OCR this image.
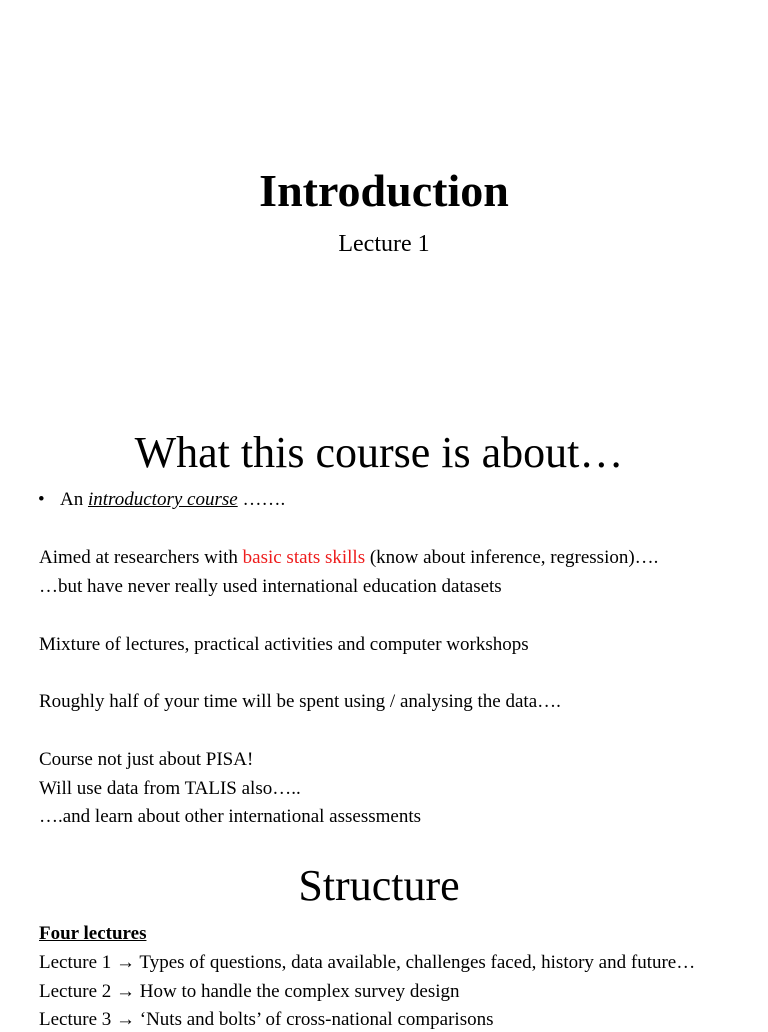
Introduction
Lecture 1
What this course is about…
• An introductory course …….
Aimed at researchers with basic stats skills (know about inference, regression)….
…but have never really used international education datasets
Mixture of lectures, practical activities and computer workshops
Roughly half of your time will be spent using / analysing the data….
Course not just about PISA!
Will use data from TALIS also…..
….and learn about other international assessments
Structure
Four lectures
Lecture 1 → Types of questions, data available, challenges faced, history and future…
Lecture 2 → How to handle the complex survey design
Lecture 3 → ‘Nuts and bolts’ of cross-national comparisons
